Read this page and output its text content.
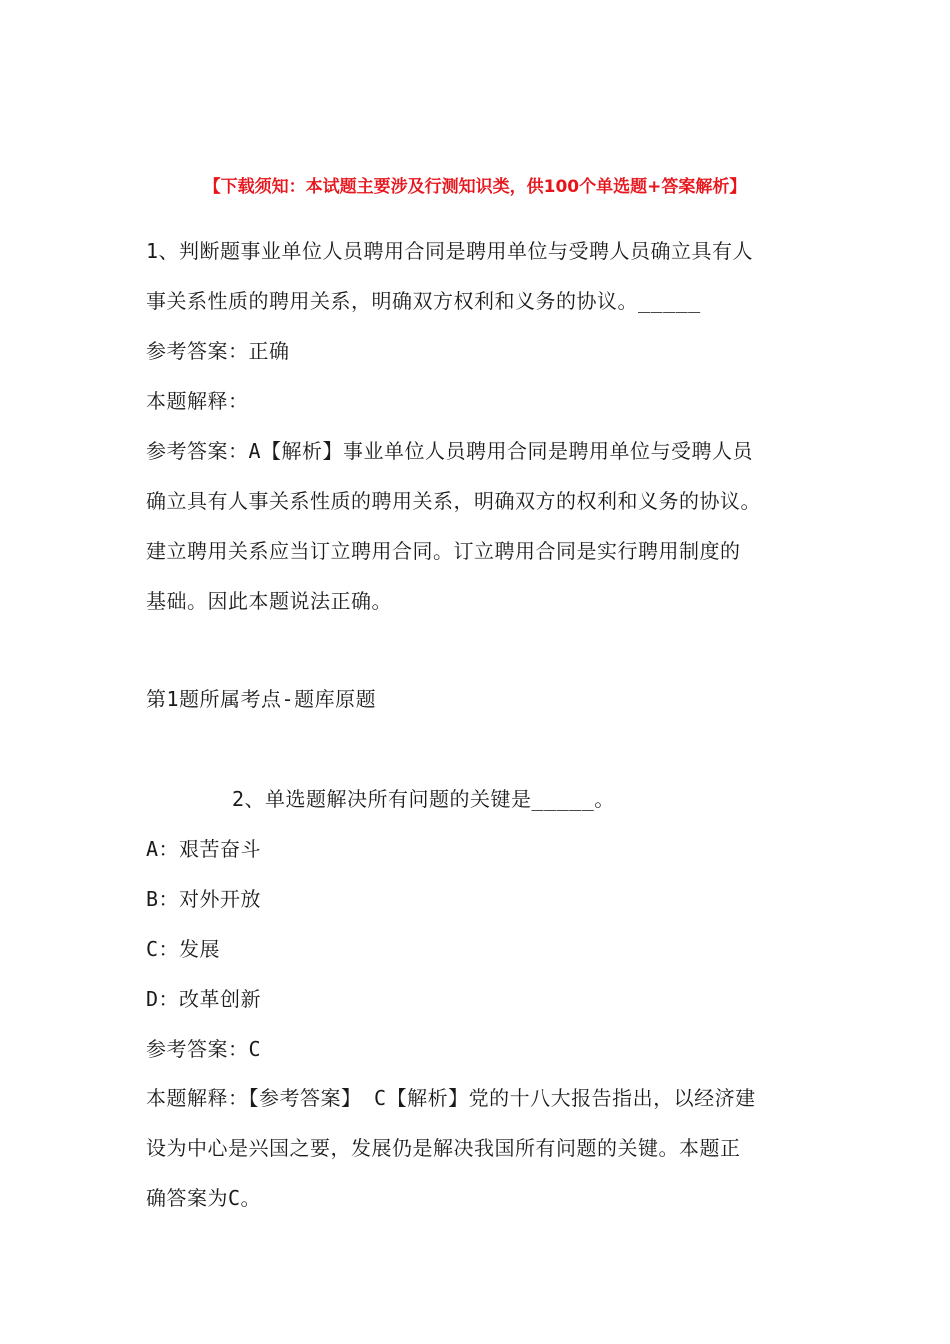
【下载须知：本试题主要涉及行测知识类，供100个单选题+答案解析】
1、判断题事业单位人员聘用合同是聘用单位与受聘人员确立具有人
事关系性质的聘用关系，明确双方权利和义务的协议。_____
参考答案：正确
本题解释：
参考答案：A【解析】事业单位人员聘用合同是聘用单位与受聘人员
确立具有人事关系性质的聘用关系，明确双方的权利和义务的协议。
建立聘用关系应当订立聘用合同。订立聘用合同是实行聘用制度的
基础。因此本题说法正确。
第1题所属考点-题库原题
2、单选题解决所有问题的关键是_____。
A：艰苦奋斗
B：对外开放
C：发展
D：改革创新
参考答案：C
本题解释：【参考答案】 C【解析】党的十八大报告指出，以经济建
设为中心是兴国之要，发展仍是解决我国所有问题的关键。本题正
确答案为C。
